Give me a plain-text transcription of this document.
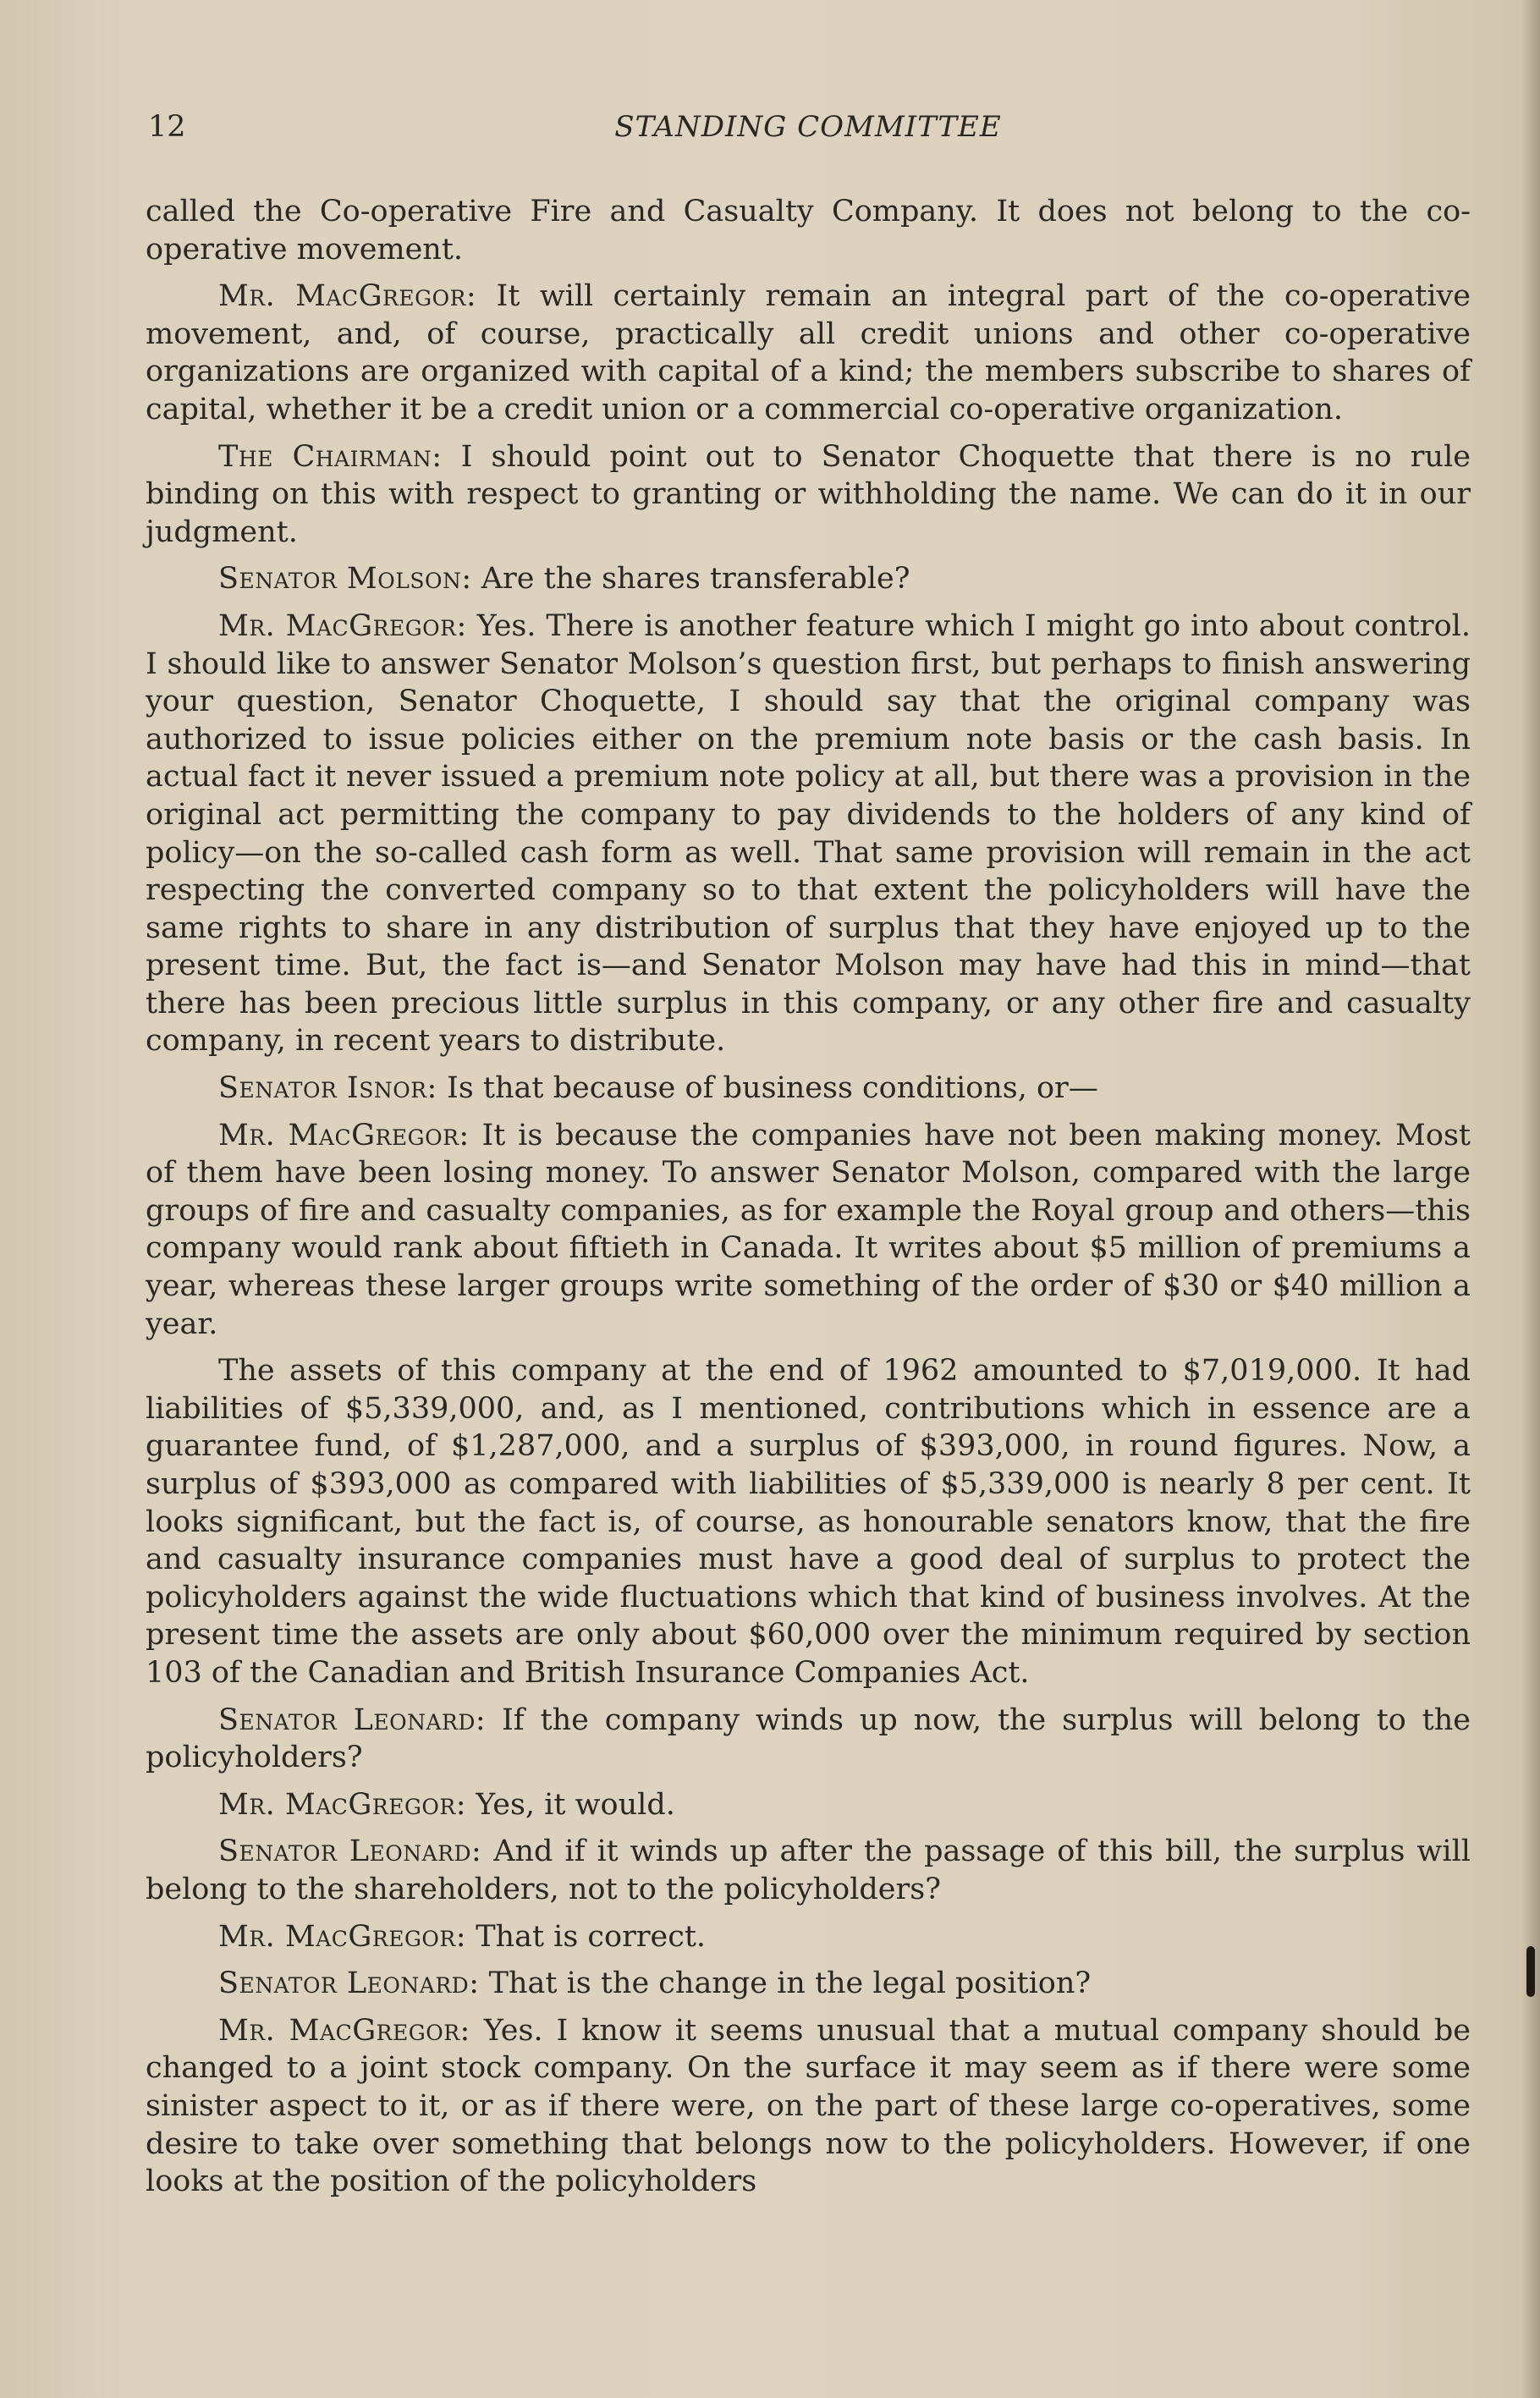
12	STANDING COMMITTEE

called the Co-operative Fire and Casualty Company. It does not belong to the co-operative movement.

Mr. MacGregor: It will certainly remain an integral part of the co-operative movement, and, of course, practically all credit unions and other co-operative organizations are organized with capital of a kind; the members subscribe to shares of capital, whether it be a credit union or a commercial co-operative organization.

The Chairman: I should point out to Senator Choquette that there is no rule binding on this with respect to granting or withholding the name. We can do it in our judgment.

Senator Molson: Are the shares transferable?

Mr. MacGregor: Yes. There is another feature which I might go into about control. I should like to answer Senator Molson’s question first, but perhaps to finish answering your question, Senator Choquette, I should say that the original company was authorized to issue policies either on the premium note basis or the cash basis. In actual fact it never issued a premium note policy at all, but there was a provision in the original act permitting the company to pay dividends to the holders of any kind of policy—on the so-called cash form as well. That same provision will remain in the act respecting the converted company so to that extent the policyholders will have the same rights to share in any distribution of surplus that they have enjoyed up to the present time. But, the fact is—and Senator Molson may have had this in mind—that there has been precious little surplus in this company, or any other fire and casualty company, in recent years to distribute.

Senator Isnor: Is that because of business conditions, or—

Mr. MacGregor: It is because the companies have not been making money. Most of them have been losing money. To answer Senator Molson, compared with the large groups of fire and casualty companies, as for example the Royal group and others—this company would rank about fiftieth in Canada. It writes about $5 million of premiums a year, whereas these larger groups write something of the order of $30 or $40 million a year.

The assets of this company at the end of 1962 amounted to $7,019,000. It had liabilities of $5,339,000, and, as I mentioned, contributions which in essence are a guarantee fund, of $1,287,000, and a surplus of $393,000, in round figures. Now, a surplus of $393,000 as compared with liabilities of $5,339,000 is nearly 8 per cent. It looks significant, but the fact is, of course, as honourable senators know, that the fire and casualty insurance companies must have a good deal of surplus to protect the policyholders against the wide fluctuations which that kind of business involves. At the present time the assets are only about $60,000 over the minimum required by section 103 of the Canadian and British Insurance Companies Act.

Senator Leonard: If the company winds up now, the surplus will belong to the policyholders?

Mr. MacGregor: Yes, it would.

Senator Leonard: And if it winds up after the passage of this bill, the surplus will belong to the shareholders, not to the policyholders?

Mr. MacGregor: That is correct.

Senator Leonard: That is the change in the legal position?

Mr. MacGregor: Yes. I know it seems unusual that a mutual company should be changed to a joint stock company. On the surface it may seem as if there were some sinister aspect to it, or as if there were, on the part of these large co-operatives, some desire to take over something that belongs now to the policyholders. However, if one looks at the position of the policyholders
